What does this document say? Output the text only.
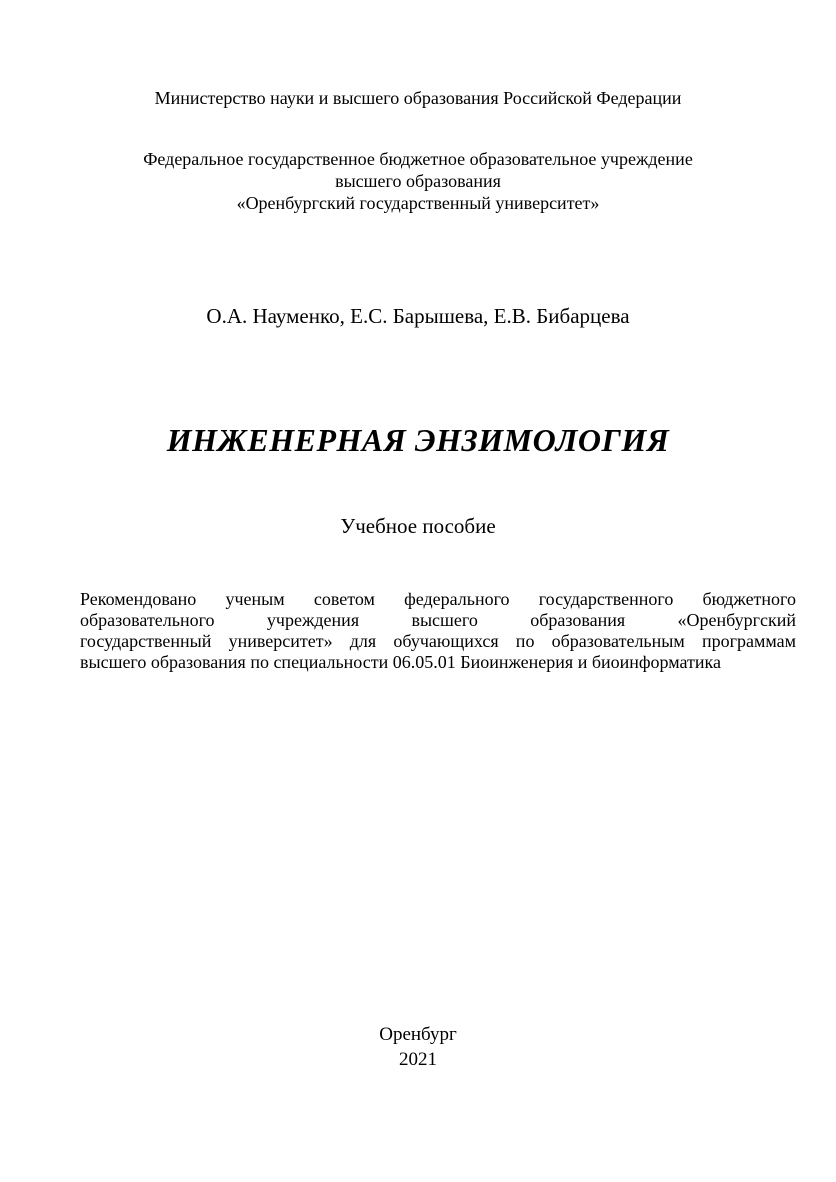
Министерство науки и высшего образования Российской Федерации
Федеральное государственное бюджетное образовательное учреждение
высшего образования
«Оренбургский государственный университет»
О.А. Науменко, Е.С. Барышева, Е.В. Бибарцева
ИНЖЕНЕРНАЯ ЭНЗИМОЛОГИЯ
Учебное пособие
Рекомендовано ученым советом федерального государственного бюджетного
образовательного учреждения высшего образования «Оренбургский
государственный университет» для обучающихся по образовательным программам
высшего образования по специальности 06.05.01 Биоинженерия и биоинформатика
Оренбург
2021
